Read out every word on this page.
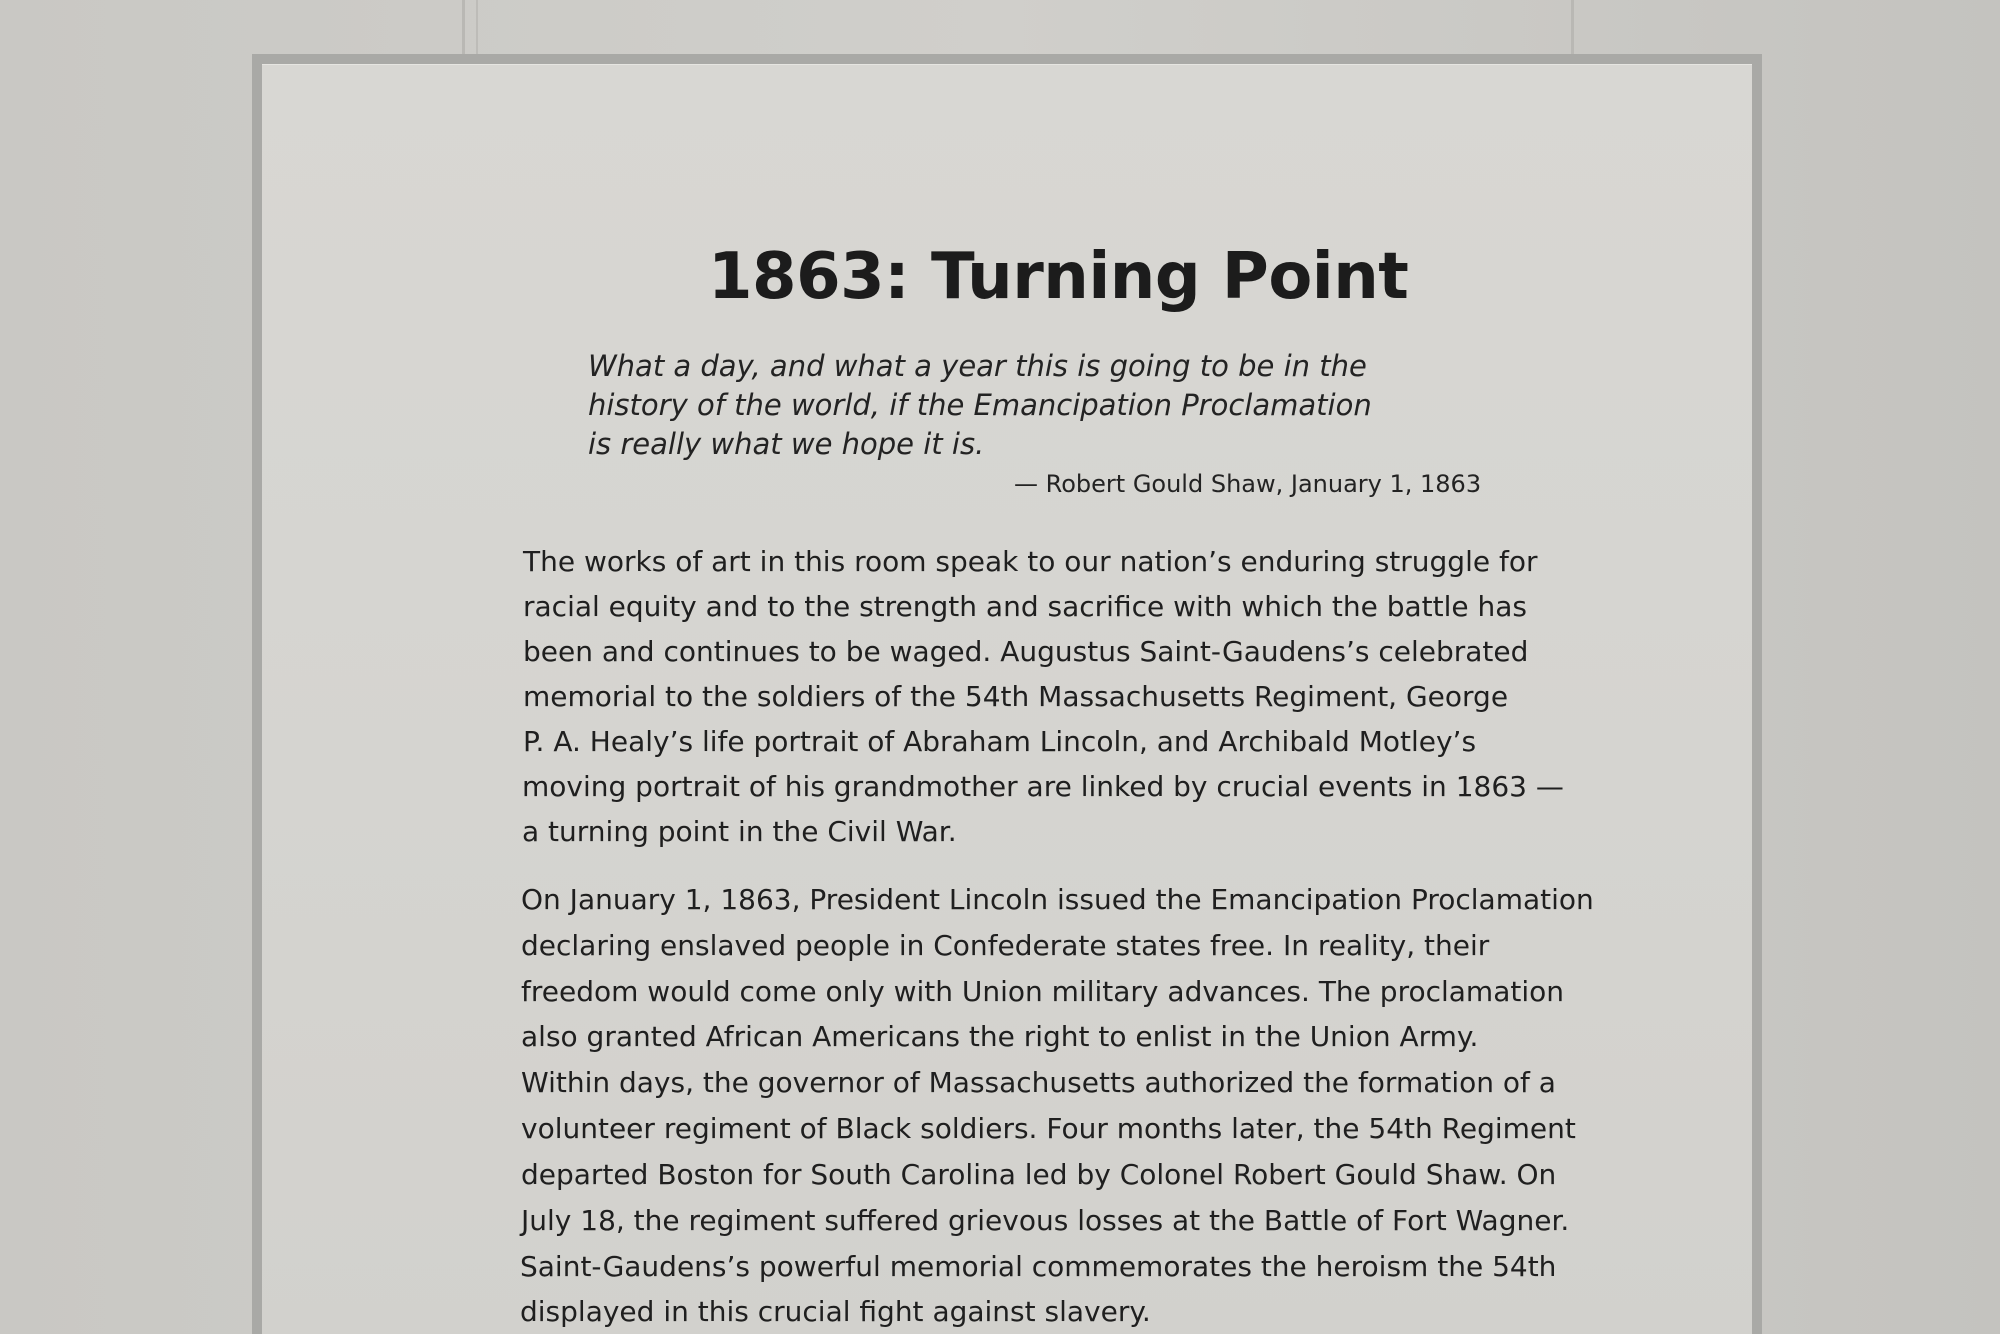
1863: Turning Point
What a day, and what a year this is going to be in the
history of the world, if the Emancipation Proclamation
is really what we hope it is.
— Robert Gould Shaw, January 1, 1863
The works of art in this room speak to our nation’s enduring struggle for
racial equity and to the strength and sacrifice with which the battle has
been and continues to be waged. Augustus Saint-Gaudens’s celebrated
memorial to the soldiers of the 54th Massachusetts Regiment, George
P. A. Healy’s life portrait of Abraham Lincoln, and Archibald Motley’s
moving portrait of his grandmother are linked by crucial events in 1863 —
a turning point in the Civil War.
On January 1, 1863, President Lincoln issued the Emancipation Proclamation
declaring enslaved people in Confederate states free. In reality, their
freedom would come only with Union military advances. The proclamation
also granted African Americans the right to enlist in the Union Army.
Within days, the governor of Massachusetts authorized the formation of a
volunteer regiment of Black soldiers. Four months later, the 54th Regiment
departed Boston for South Carolina led by Colonel Robert Gould Shaw. On
July 18, the regiment suffered grievous losses at the Battle of Fort Wagner.
Saint-Gaudens’s powerful memorial commemorates the heroism the 54th
displayed in this crucial fight against slavery.
